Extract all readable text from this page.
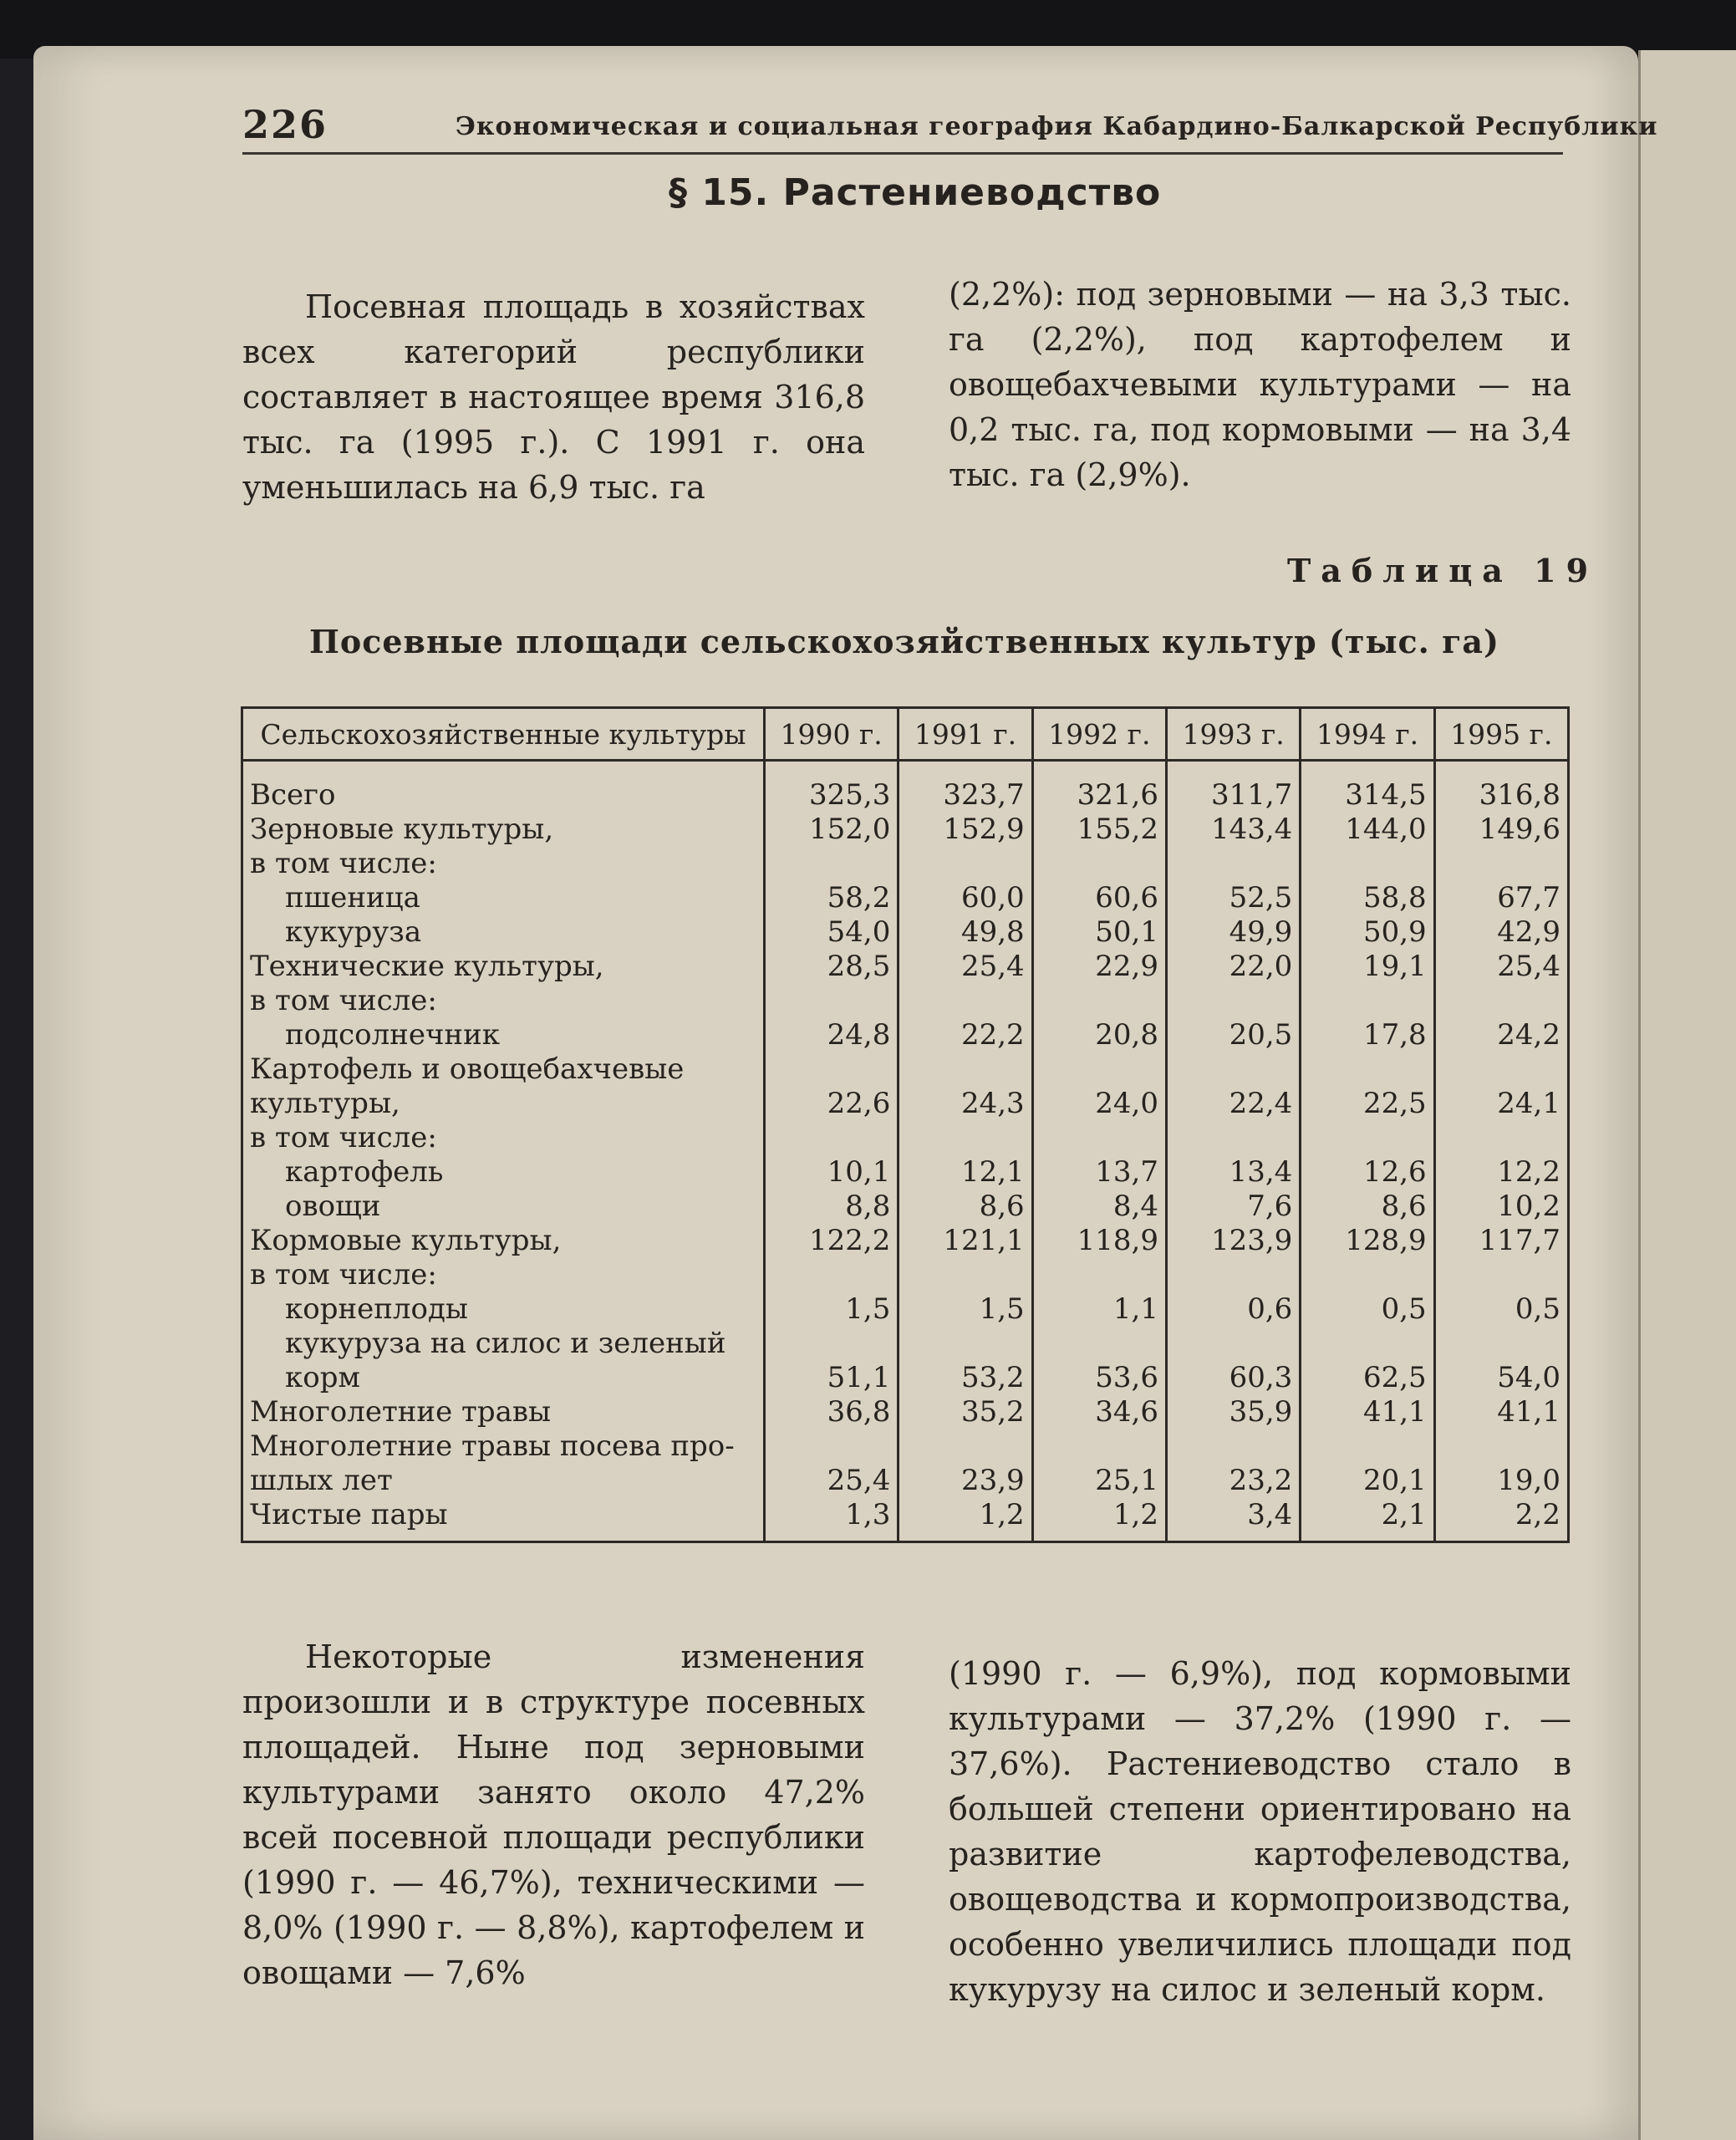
226	Экономическая и социальная география Кабардино-Балкарской Республики
§ 15. Растениеводство

Посевная площадь в хозяйствах всех категорий республики составляет в настоящее время 316,8 тыс. га (1995 г.). С 1991 г. она уменьшилась на 6,9 тыс. га

(2,2%): под зерновыми — на 3,3 тыс. га (2,2%), под картофелем и овощебахчевыми культурами — на 0,2 тыс. га, под кормовыми — на 3,4 тыс. га (2,9%).

Таблица 19
Посевные площади сельскохозяйственных культур (тыс. га)
Сельскохозяйственные культуры	1990 г.	1991 г.	1992 г.	1993 г.	1994 г.	1995 г.
Всего	325,3	323,7	321,6	311,7	314,5	316,8
Зерновые культуры,	152,0	152,9	155,2	143,4	144,0	149,6
в том числе:						
пшеница	58,2	60,0	60,6	52,5	58,8	67,7
кукуруза	54,0	49,8	50,1	49,9	50,9	42,9
Технические культуры,	28,5	25,4	22,9	22,0	19,1	25,4
в том числе:						
подсолнечник	24,8	22,2	20,8	20,5	17,8	24,2
Картофель и овощебахчевые						
культуры,	22,6	24,3	24,0	22,4	22,5	24,1
в том числе:						
картофель	10,1	12,1	13,7	13,4	12,6	12,2
овощи	8,8	8,6	8,4	7,6	8,6	10,2
Кормовые культуры,	122,2	121,1	118,9	123,9	128,9	117,7
в том числе:						
корнеплоды	1,5	1,5	1,1	0,6	0,5	0,5
кукуруза на силос и зеленый						
корм	51,1	53,2	53,6	60,3	62,5	54,0
Многолетние травы	36,8	35,2	34,6	35,9	41,1	41,1
Многолетние травы посева про-						
шлых лет	25,4	23,9	25,1	23,2	20,1	19,0
Чистые пары	1,3	1,2	1,2	3,4	2,1	2,2

Некоторые изменения произошли и в структуре посевных площадей. Ныне под зерновыми культурами занято около 47,2% всей посевной площади республики (1990 г. — 46,7%), техническими — 8,0% (1990 г. — 8,8%), картофелем и овощами — 7,6%

(1990 г. — 6,9%), под кормовыми культурами — 37,2% (1990 г. — 37,6%). Растениеводство стало в большей степени ориентировано на развитие картофелеводства, овощеводства и кормопроизводства, особенно увеличились площади под кукурузу на силос и зеленый корм.
